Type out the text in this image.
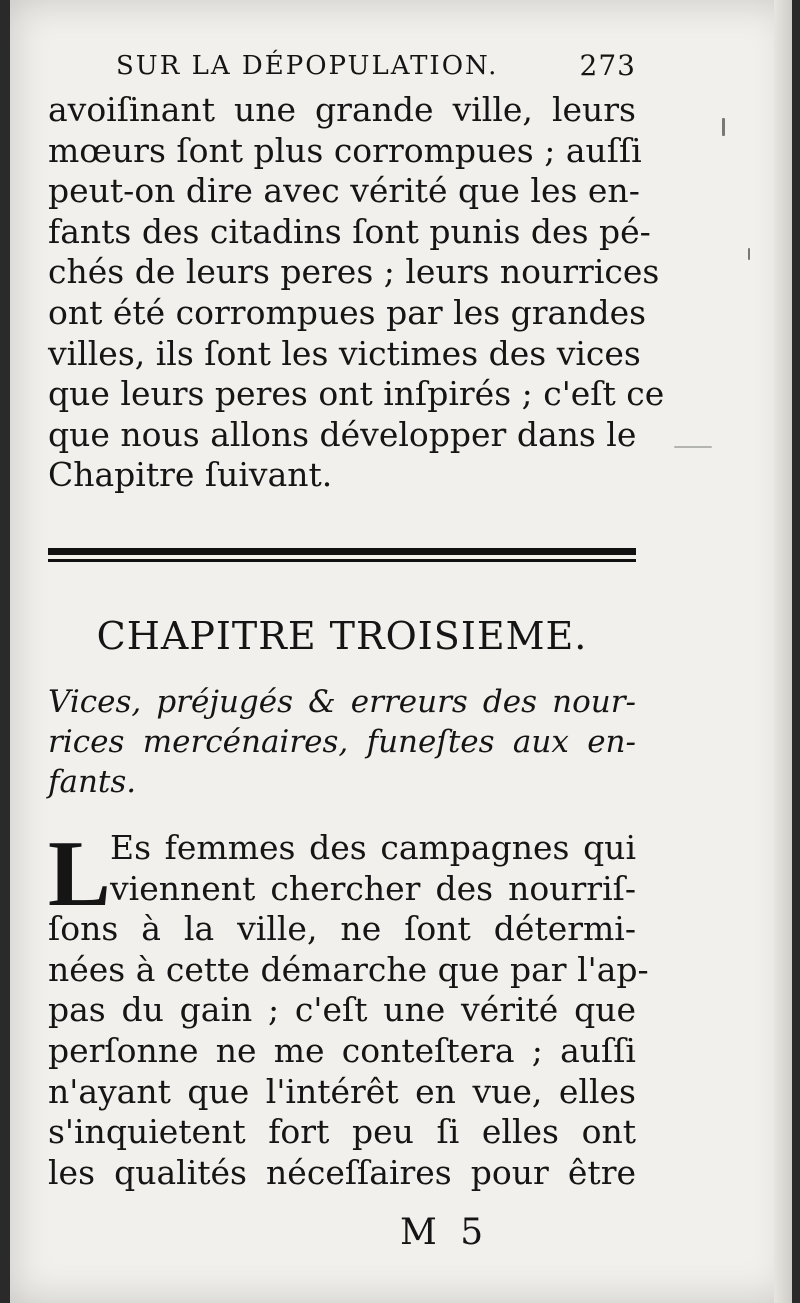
SUR LA DÉPOPULATION.	273
avoiſinant une grande ville, leurs
mœurs ſont plus corrompues ; auſſi
peut-on dire avec vérité que les en-
fants des citadins ſont punis des pé-
chés de leurs peres ; leurs nourrices
ont été corrompues par les grandes
villes, ils ſont les victimes des vices
que leurs peres ont inſpirés ; c'eſt ce
que nous allons développer dans le
Chapitre ſuivant.
CHAPITRE TROISIEME.
Vices, préjugés & erreurs des nour-
rices mercénaires, funeſtes aux en-
fants.
L Es femmes des campagnes qui
viennent chercher des nourriſ-
ſons à la ville, ne ſont détermi-
nées à cette démarche que par l'ap-
pas du gain ; c'eſt une vérité que
perſonne ne me conteſtera ; auſſi
n'ayant que l'intérêt en vue, elles
s'inquietent fort peu ſi elles ont
les qualités néceſſaires pour être
M 5
